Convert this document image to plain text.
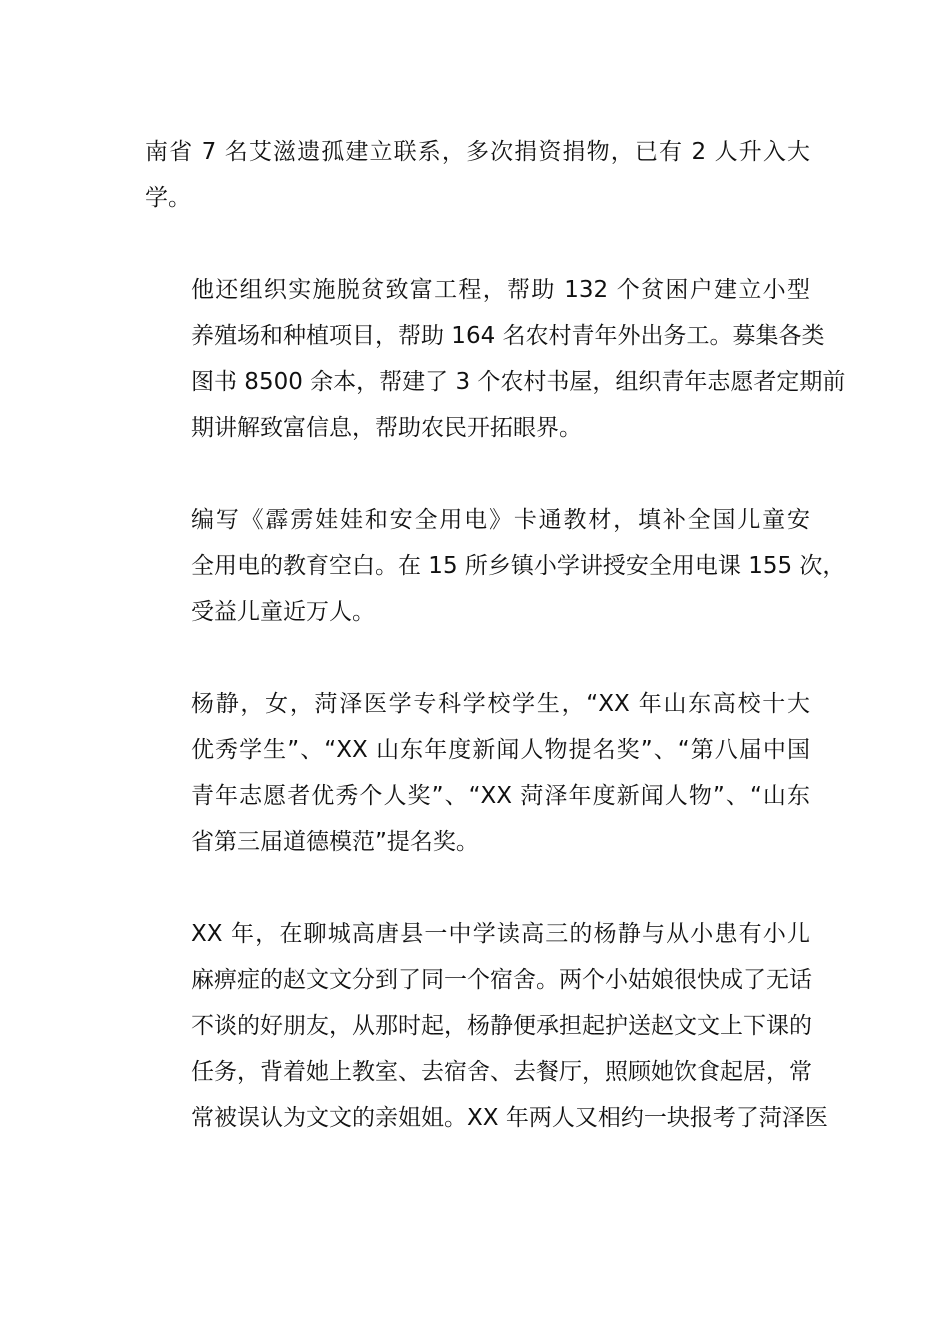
南省 7 名艾滋遗孤建立联系，多次捐资捐物，已有 2 人升入大
学。

他还组织实施脱贫致富工程，帮助 132 个贫困户建立小型
养殖场和种植项目，帮助 164 名农村青年外出务工。募集各类
图书 8500 余本，帮建了 3 个农村书屋，组织青年志愿者定期前
期讲解致富信息，帮助农民开拓眼界。

编写《霹雳娃娃和安全用电》卡通教材，填补全国儿童安
全用电的教育空白。在 15 所乡镇小学讲授安全用电课 155 次，
受益儿童近万人。

杨静，女，菏泽医学专科学校学生，“XX 年山东高校十大
优秀学生”、“XX 山东年度新闻人物提名奖”、“第八届中国
青年志愿者优秀个人奖”、“XX 菏泽年度新闻人物”、“山东
省第三届道德模范”提名奖。

XX 年，在聊城高唐县一中学读高三的杨静与从小患有小儿
麻痹症的赵文文分到了同一个宿舍。两个小姑娘很快成了无话
不谈的好朋友，从那时起，杨静便承担起护送赵文文上下课的
任务，背着她上教室、去宿舍、去餐厅，照顾她饮食起居，常
常被误认为文文的亲姐姐。XX 年两人又相约一块报考了菏泽医
